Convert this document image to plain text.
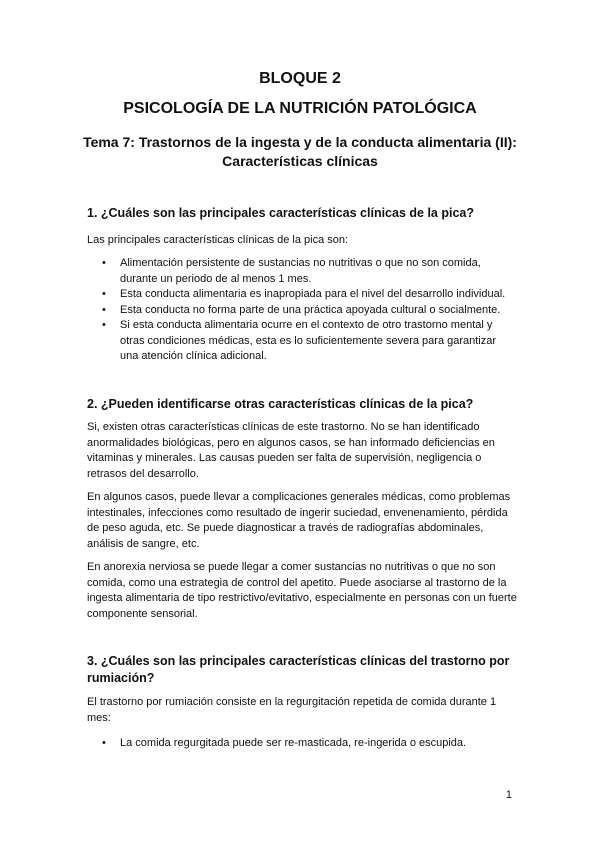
BLOQUE 2
PSICOLOGÍA DE LA NUTRICIÓN PATOLÓGICA
Tema 7: Trastornos de la ingesta y de la conducta alimentaria (II): Características clínicas
1. ¿Cuáles son las principales características clínicas de la pica?

Las principales características clínicas de la pica son:

• Alimentación persistente de sustancias no nutritivas o que no son comida, durante un periodo de al menos 1 mes.
• Esta conducta alimentaria es inapropiada para el nivel del desarrollo individual.
• Esta conducta no forma parte de una práctica apoyada cultural o socialmente.
• Si esta conducta alimentaria ocurre en el contexto de otro trastorno mental y otras condiciones médicas, esta es lo suficientemente severa para garantizar una atención clínica adicional.
2. ¿Pueden identificarse otras características clínicas de la pica?

Si, existen otras características clínicas de este trastorno. No se han identificado anormalidades biológicas, pero en algunos casos, se han informado deficiencias en vitaminas y minerales. Las causas pueden ser falta de supervisión, negligencia o retrasos del desarrollo.

En algunos casos, puede llevar a complicaciones generales médicas, como problemas intestinales, infecciones como resultado de ingerir suciedad, envenenamiento, pérdida de peso aguda, etc. Se puede diagnosticar a través de radiografías abdominales, análisis de sangre, etc.

En anorexia nerviosa se puede llegar a comer sustancias no nutritivas o que no son comida, como una estrategia de control del apetito. Puede asociarse al trastorno de la ingesta alimentaria de tipo restrictivo/evitativo, especialmente en personas con un fuerte componente sensorial.

3. ¿Cuáles son las principales características clínicas del trastorno por rumiación?

El trastorno por rumiación consiste en la regurgitación repetida de comida durante 1 mes:

• La comida regurgitada puede ser re-masticada, re-ingerida o escupida.
1
